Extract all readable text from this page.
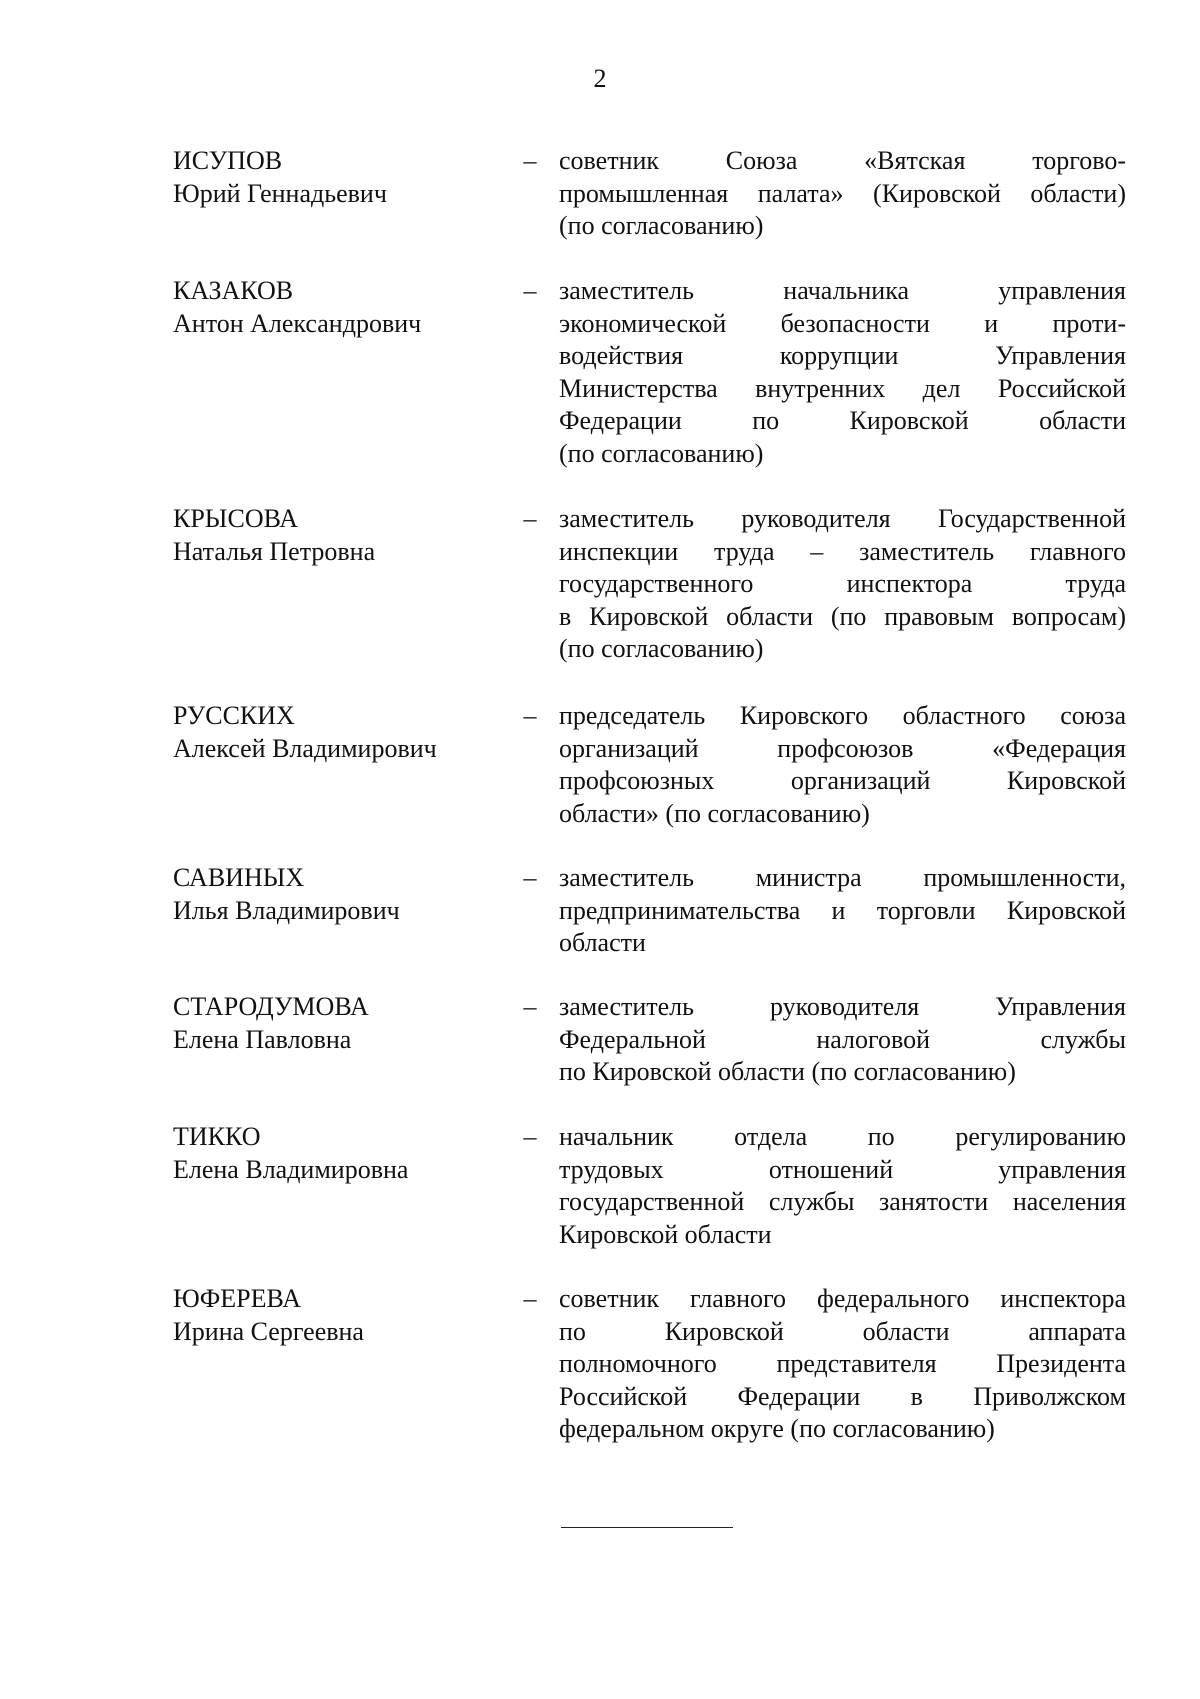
2
ИСУПОВ
Юрий Геннадьевич
– советник Союза «Вятская торгово-
промышленная палата» (Кировской области)
(по согласованию)
КАЗАКОВ
Антон Александрович
– заместитель начальника управления
экономической безопасности и проти-
водействия коррупции Управления
Министерства внутренних дел Российской
Федерации по Кировской области
(по согласованию)
КРЫСОВА
Наталья Петровна
– заместитель руководителя Государственной
инспекции труда – заместитель главного
государственного инспектора труда
в Кировской области (по правовым вопросам)
(по согласованию)
РУССКИХ
Алексей Владимирович
– председатель Кировского областного союза
организаций профсоюзов «Федерация
профсоюзных организаций Кировской
области» (по согласованию)
САВИНЫХ
Илья Владимирович
– заместитель министра промышленности,
предпринимательства и торговли Кировской
области
СТАРОДУМОВА
Елена Павловна
– заместитель руководителя Управления
Федеральной налоговой службы
по Кировской области (по согласованию)
ТИККО
Елена Владимировна
– начальник отдела по регулированию
трудовых отношений управления
государственной службы занятости населения
Кировской области
ЮФЕРЕВА
Ирина Сергеевна
– советник главного федерального инспектора
по Кировской области аппарата
полномочного представителя Президента
Российской Федерации в Приволжском
федеральном округе (по согласованию)
